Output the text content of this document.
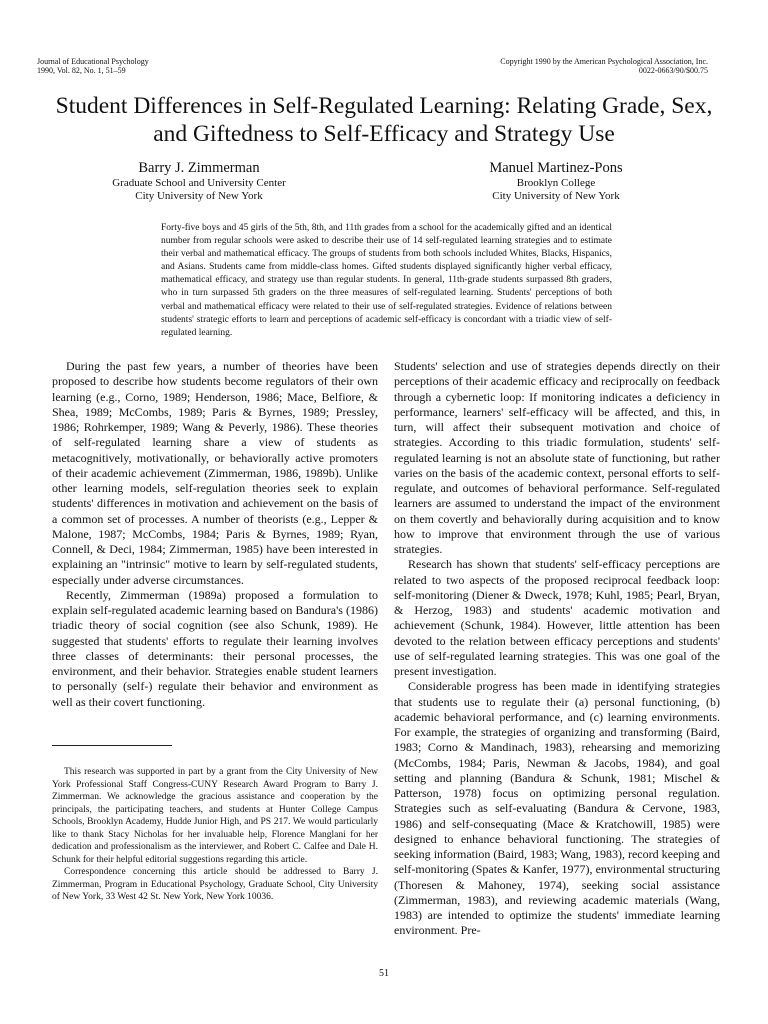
Journal of Educational Psychology
1990, Vol. 82, No. 1, 51–59
Copyright 1990 by the American Psychological Association, Inc.
0022-0663/90/$00.75
Student Differences in Self-Regulated Learning: Relating Grade, Sex,
and Giftedness to Self-Efficacy and Strategy Use
Barry J. Zimmerman
Graduate School and University Center
City University of New York
Manuel Martinez-Pons
Brooklyn College
City University of New York

Forty-five boys and 45 girls of the 5th, 8th, and 11th grades from a school for the academically gifted and an identical number from regular schools were asked to describe their use of 14 self-regulated learning strategies and to estimate their verbal and mathematical efficacy. The groups of students from both schools included Whites, Blacks, Hispanics, and Asians. Students came from middle-class homes. Gifted students displayed significantly higher verbal efficacy, mathematical efficacy, and strategy use than regular students. In general, 11th-grade students surpassed 8th graders, who in turn surpassed 5th graders on the three measures of self-regulated learning. Students' perceptions of both verbal and mathematical efficacy were related to their use of self-regulated strategies. Evidence of relations between students' strategic efforts to learn and perceptions of academic self-efficacy is concordant with a triadic view of self-regulated learning.

During the past few years, a number of theories have been proposed to describe how students become regulators of their own learning (e.g., Corno, 1989; Henderson, 1986; Mace, Belfiore, & Shea, 1989; McCombs, 1989; Paris & Byrnes, 1989; Pressley, 1986; Rohrkemper, 1989; Wang & Peverly, 1986). These theories of self-regulated learning share a view of students as metacognitively, motivationally, or behaviorally active promoters of their academic achievement (Zimmerman, 1986, 1989b). Unlike other learning models, self-regulation theories seek to explain students' differences in motivation and achievement on the basis of a common set of processes. A number of theorists (e.g., Lepper & Malone, 1987; McCombs, 1984; Paris & Byrnes, 1989; Ryan, Connell, & Deci, 1984; Zimmerman, 1985) have been interested in explaining an "intrinsic" motive to learn by self-regulated students, especially under adverse circumstances.

Recently, Zimmerman (1989a) proposed a formulation to explain self-regulated academic learning based on Bandura's (1986) triadic theory of social cognition (see also Schunk, 1989). He suggested that students' efforts to regulate their learning involves three classes of determinants: their personal processes, the environment, and their behavior. Strategies enable student learners to personally (self-) regulate their behavior and environment as well as their covert functioning.

This research was supported in part by a grant from the City University of New York Professional Staff Congress-CUNY Research Award Program to Barry J. Zimmerman. We acknowledge the gracious assistance and cooperation by the principals, the participating teachers, and students at Hunter College Campus Schools, Brooklyn Academy, Hudde Junior High, and PS 217. We would particularly like to thank Stacy Nicholas for her invaluable help, Florence Manglani for her dedication and professionalism as the interviewer, and Robert C. Calfee and Dale H. Schunk for their helpful editorial suggestions regarding this article.

Correspondence concerning this article should be addressed to Barry J. Zimmerman, Program in Educational Psychology, Graduate School, City University of New York, 33 West 42 St. New York, New York 10036.

Students' selection and use of strategies depends directly on their perceptions of their academic efficacy and reciprocally on feedback through a cybernetic loop: If monitoring indicates a deficiency in performance, learners' self-efficacy will be affected, and this, in turn, will affect their subsequent motivation and choice of strategies. According to this triadic formulation, students' self-regulated learning is not an absolute state of functioning, but rather varies on the basis of the academic context, personal efforts to self-regulate, and outcomes of behavioral performance. Self-regulated learners are assumed to understand the impact of the environment on them covertly and behaviorally during acquisition and to know how to improve that environment through the use of various strategies.

Research has shown that students' self-efficacy perceptions are related to two aspects of the proposed reciprocal feedback loop: self-monitoring (Diener & Dweck, 1978; Kuhl, 1985; Pearl, Bryan, & Herzog, 1983) and students' academic motivation and achievement (Schunk, 1984). However, little attention has been devoted to the relation between efficacy perceptions and students' use of self-regulated learning strategies. This was one goal of the present investigation.

Considerable progress has been made in identifying strategies that students use to regulate their (a) personal functioning, (b) academic behavioral performance, and (c) learning environments. For example, the strategies of organizing and transforming (Baird, 1983; Corno & Mandinach, 1983), rehearsing and memorizing (McCombs, 1984; Paris, Newman & Jacobs, 1984), and goal setting and planning (Bandura & Schunk, 1981; Mischel & Patterson, 1978) focus on optimizing personal regulation. Strategies such as self-evaluating (Bandura & Cervone, 1983, 1986) and self-consequating (Mace & Kratchowill, 1985) were designed to enhance behavioral functioning. The strategies of seeking information (Baird, 1983; Wang, 1983), record keeping and self-monitoring (Spates & Kanfer, 1977), environmental structuring (Thoresen & Mahoney, 1974), seeking social assistance (Zimmerman, 1983), and reviewing academic materials (Wang, 1983) are intended to optimize the students' immediate learning environment. Pre-

51
